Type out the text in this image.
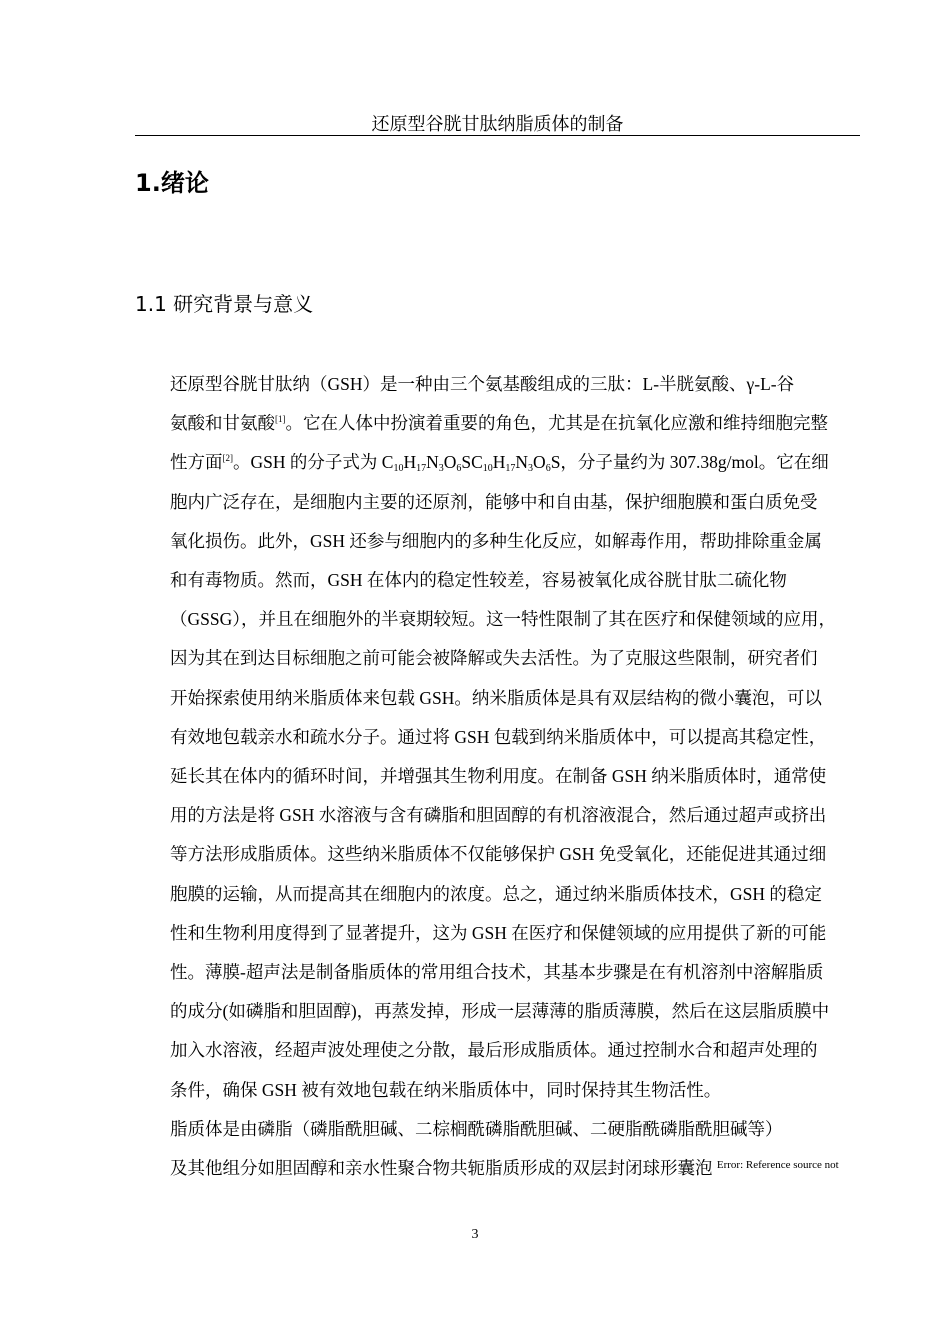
还原型谷胱甘肽纳脂质体的制备
1.绪论
1.1 研究背景与意义
还原型谷胱甘肽纳（GSH）是一种由三个氨基酸组成的三肽：L-半胱氨酸、γ-L-谷
氨酸和甘氨酸[1]。它在人体中扮演着重要的角色，尤其是在抗氧化应激和维持细胞完整
性方面[2]。GSH 的分子式为 $C_{10}H_{17}N_3O_6SC_{10}H_{17}N_3O_6S$，分子量约为 307.38g/mol。它在细
胞内广泛存在，是细胞内主要的还原剂，能够中和自由基，保护细胞膜和蛋白质免受
氧化损伤。此外，GSH 还参与细胞内的多种生化反应，如解毒作用，帮助排除重金属
和有毒物质。然而，GSH 在体内的稳定性较差，容易被氧化成谷胱甘肽二硫化物
（GSSG），并且在细胞外的半衰期较短。这一特性限制了其在医疗和保健领域的应用，
因为其在到达目标细胞之前可能会被降解或失去活性。为了克服这些限制，研究者们
开始探索使用纳米脂质体来包载 GSH。纳米脂质体是具有双层结构的微小囊泡，可以
有效地包载亲水和疏水分子。通过将 GSH 包载到纳米脂质体中，可以提高其稳定性，
延长其在体内的循环时间，并增强其生物利用度。在制备 GSH 纳米脂质体时，通常使
用的方法是将 GSH 水溶液与含有磷脂和胆固醇的有机溶液混合，然后通过超声或挤出
等方法形成脂质体。这些纳米脂质体不仅能够保护 GSH 免受氧化，还能促进其通过细
胞膜的运输，从而提高其在细胞内的浓度。总之，通过纳米脂质体技术，GSH 的稳定
性和生物利用度得到了显著提升，这为 GSH 在医疗和保健领域的应用提供了新的可能
性。薄膜-超声法是制备脂质体的常用组合技术，其基本步骤是在有机溶剂中溶解脂质
的成分(如磷脂和胆固醇)，再蒸发掉，形成一层薄薄的脂质薄膜，然后在这层脂质膜中
加入水溶液，经超声波处理使之分散，最后形成脂质体。通过控制水合和超声处理的
条件，确保 GSH 被有效地包载在纳米脂质体中，同时保持其生物活性。
脂质体是由磷脂（磷脂酰胆碱、二棕榈酰磷脂酰胆碱、二硬脂酰磷脂酰胆碱等）
及其他组分如胆固醇和亲水性聚合物共轭脂质形成的双层封闭球形囊泡 $^{Error: Reference source not}$
3
